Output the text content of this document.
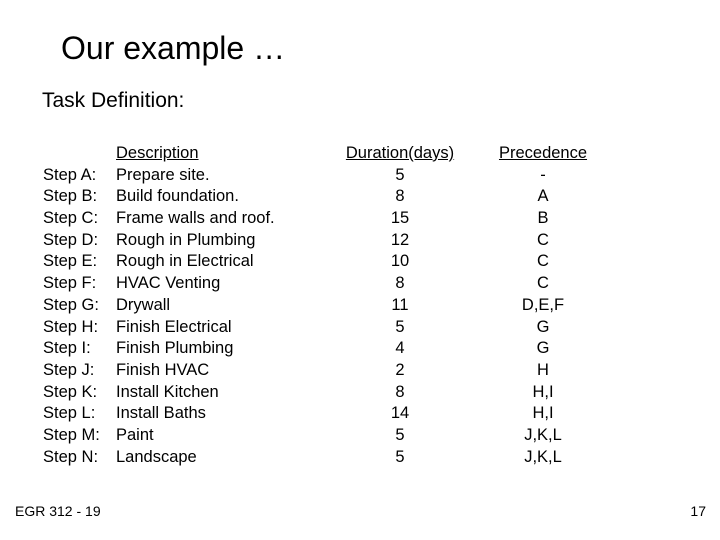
Our example …
Task Definition:
Step A:
Step B:
Step C:
Step D:
Step E:
Step F:
Step G:
Step H:
Step I:
Step J:
Step K:
Step L:
Step M:
Step N:
Description
Prepare site.
Build foundation.
Frame walls and roof.
Rough in Plumbing
Rough in Electrical
HVAC Venting
Drywall
Finish Electrical
Finish Plumbing
Finish HVAC
Install Kitchen
Install Baths
Paint
Landscape
Duration(days)
5
8
15
12
10
8
11
5
4
2
8
14
5
5
Precedence
-
A
B
C
C
C
D,E,F
G
G
H
H,I
H,I
J,K,L
J,K,L
EGR 312 - 19	17
